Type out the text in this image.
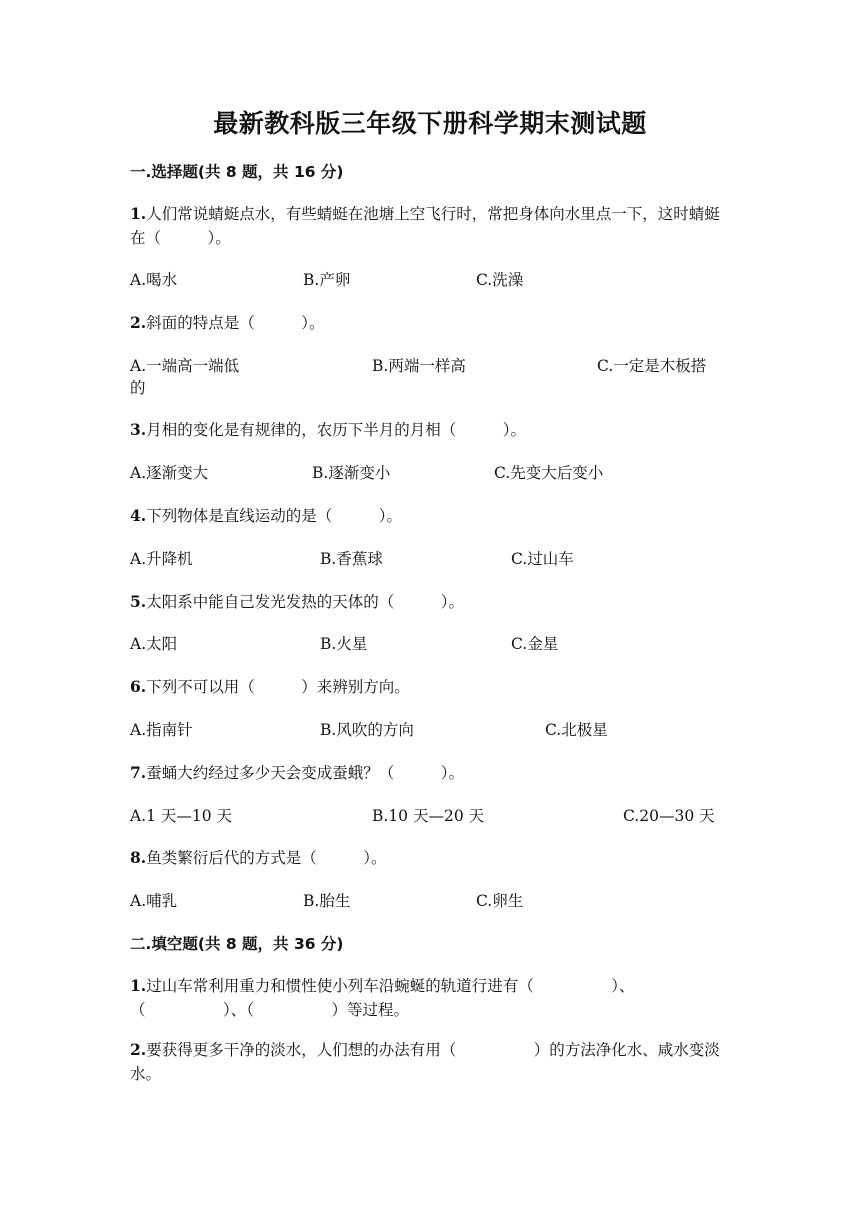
最新教科版三年级下册科学期末测试题
一.选择题(共 8 题，共 16 分)
1.人们常说蜻蜓点水，有些蜻蜓在池塘上空飞行时，常把身体向水里点一下，这时蜻蜓在（　　　）。
A.喝水	B.产卵	C.洗澡
2.斜面的特点是（　　　）。
A.一端高一端低	B.两端一样高	C.一定是木板搭
的
3.月相的变化是有规律的，农历下半月的月相（　　　）。
A.逐渐变大	B.逐渐变小	C.先变大后变小
4.下列物体是直线运动的是（　　　）。
A.升降机	B.香蕉球	C.过山车
5.太阳系中能自己发光发热的天体的（　　　）。
A.太阳	B.火星	C.金星
6.下列不可以用（　　　）来辨别方向。
A.指南针	B.风吹的方向	C.北极星
7.蚕蛹大约经过多少天会变成蚕蛾？（　　　）。
A.1 天—10 天	B.10 天—20 天	C.20—30 天
8.鱼类繁衍后代的方式是（　　　）。
A.哺乳	B.胎生	C.卵生
二.填空题(共 8 题，共 36 分)
1.过山车常利用重力和惯性使小列车沿蜿蜒的轨道行进有（　　　　　）、（　　　　　）、（　　　　　）等过程。
2.要获得更多干净的淡水，人们想的办法有用（　　　　　）的方法净化水、咸水变淡水。
